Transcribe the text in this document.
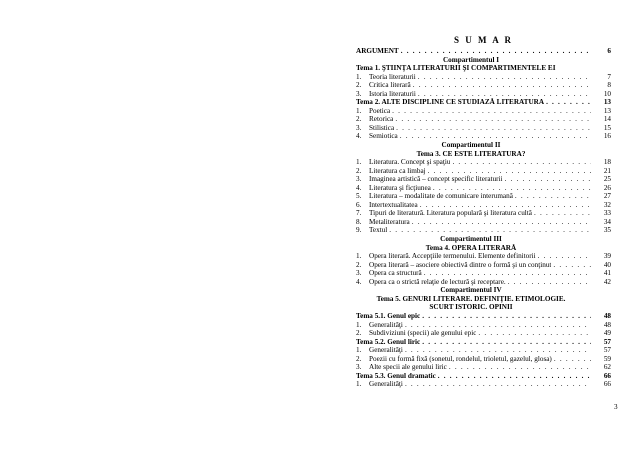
S U M A R
ARGUMENT . . .	6
Compartimentul I
Tema 1. ŞTIINŢA LITERATURII ŞI COMPARTIMENTELE EI
1.	Teoria literaturii . . .	7
2.	Critica literară . . .	8
3.	Istoria literaturii . . .	10
Tema 2. ALTE DISCIPLINE CE STUDIAZĂ LITERATURA . . .	13
1.	Poetica . . .	13
2.	Retorica . . .	14
3.	Stilistica . . .	15
4.	Semiotica . . .	16
Compartimentul II
Tema 3. CE ESTE LITERATURA?
1.	Literatura. Concept şi spaţiu . . .	18
2.	Literatura ca limbaj . . .	21
3.	Imaginea artistică – concept specific literaturii . . .	25
4.	Literatura şi ficţiunea . . .	26
5.	Literatura – modalitate de comunicare interumană . . .	27
6.	Intertextualitatea . . .	32
7.	Tipuri de literatură. Literatura populară şi literatura cultă . . .	33
8.	Metaliteratura . . .	34
9.	Textul . . .	35
Compartimentul III
Tema 4. OPERA LITERARĂ
1.	Opera literară. Accepţiile termenului. Elemente definitorii . . .	39
2.	Opera literară – asociere obiectivă dintre o formă şi un conţinut . . .	40
3.	Opera ca structură . . .	41
4.	Opera ca o strictă relaţie de lectură şi receptare. . . .	42
Compartimentul IV
Tema 5. GENURI LITERARE. DEFINIŢIE. ETIMOLOGIE.
SCURT ISTORIC. OPINII
Tema 5.1. Genul epic . . .	48
1.	Generalităţi . . .	48
2.	Subdiviziuni (specii) ale genului epic . . .	49
Tema 5.2. Genul liric . . .	57
1.	Generalităţi . . .	57
2.	Poezii cu formă fixă (sonetul, rondelul, trioletul, gazelul, glosa) . . .	59
3.	Alte specii ale genului liric . . .	62
Tema 5.3. Genul dramatic . . .	66
1.	Generalităţi . . .	66
3
